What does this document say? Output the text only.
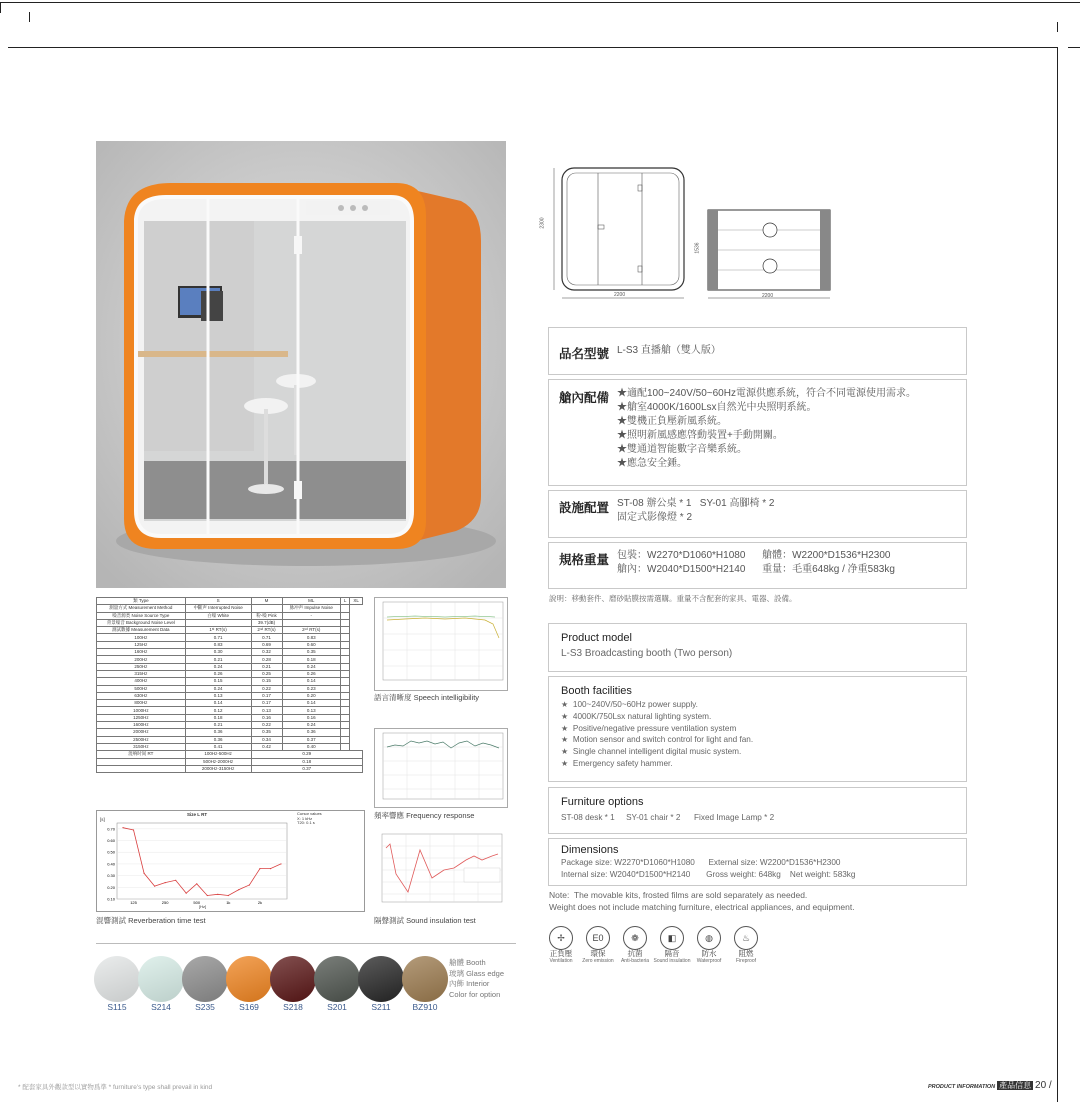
2300
2200
1536
2200
品名型號 L-S3 直播艙（雙人版）
艙內配備 ★適配100~240V/50~60Hz電源供應系統，符合不同電源使用需求。
★艙室4000K/1600Lsx自然光中央照明系統。
★雙機正負壓新風系統。
★照明新風感應啓動裝置+手動開關。
★雙通道智能數字音樂系統。
★應急安全錘。
設施配置 ST-08 辦公桌 * 1   SY-01 高腳椅 * 2
固定式影像燈 * 2
規格重量 包裝：W2270*D1060*H1080      艙體：W2200*D1536*H2300
艙內：W2040*D1500*H2140      重量：毛重648kg / 净重583kg
說明：移動套件、磨砂貼膜按需選購。重量不含配套的家具、電器、設備。
Product model
L-S3 Broadcasting booth (Two person)
Booth facilities
★  100~240V/50~60Hz power supply.
★  4000K/750Lsx natural lighting system.
★  Positive/negative pressure ventilation system
★  Motion sensor and switch control for light and fan.
★  Single channel intelligent digital music system.
★  Emergency safety hammer.
Furniture options
ST-08 desk * 1     SY-01 chair * 2      Fixed Image Lamp * 2
Dimensions
Package size: W2270*D1060*H1080      External size: W2200*D1536*H2300
Internal size: W2040*D1500*H2140       Gross weight: 648kg    Net weight: 583kg
Note:  The movable kits, frosted films are sold separately as needed.
Weight does not include matching furniture, electrical appliances, and equipment.
類 Type	S	M	ML	L	XL
測量方式 Measurement Method	中斷声 Interrupted Noise		脉冲声 Impulse Noise		
噪音源类 Noise Source Type	白噪 White	粉-噪 Pink	-		
背景噪音 Background Noise Level		39.7(dB)			
測試數據 Measurement Data	1ˢᵗ RT(s)	2ⁿᵈ RT(s)	2ⁿᵈ RT(s)		
100Hz	0.71	0.71	0.83		
125Hz	0.83	0.69	0.60		
160Hz	0.30	0.32	0.35		
200Hz	0.21	0.28	0.18		
250Hz	0.24	0.21	0.24		
315Hz	0.26	0.25	0.26		
400Hz	0.15	0.15	0.14		
500Hz	0.24	0.22	0.23		
630Hz	0.13	0.17	0.20		
800Hz	0.14	0.17	0.14		
1000Hz	0.12	0.13	0.13		
1250Hz	0.18	0.16	0.16		
1600Hz	0.21	0.22	0.24		
2000Hz	0.36	0.35	0.36		
2500Hz	0.36	0.34	0.37		
3150Hz	0.41	0.42	0.40		
混响时间 RT	100Hz-500Hz	0.29			
	500Hz-2000Hz	0.18			
	2000Hz-3150Hz	0.37			
語言清晰度 Speech intelligibility
頻率響應 Frequency response
Size L RT	Cursor values
X: 1 kHz
T20: 0.1 s
[s]
[Hz]
0.70
0.60
0.50
0.40
0.30
0.20
0.10
125	250	500	1k	2k
混響測試 Reverberation time test	隔聲測試 Sound insulation test
S115	S214	S235	S169	S218	S201	S211	BZ910
艙體 Booth
玻璃 Glass edge
內飾 Interior
Color for option
✢
正負壓
Ventilation
E0
環保
Zero emission
❁
抗菌
Anti-bacteria
◧
隔音
Sound insulation
◍
防水
Waterproof
♨
阻燃
Fireproof
* 配套家具外觀款型以實物爲準 * furniture's type shall prevail in kind	PRODUCT INFORMATION 產品信息 20 /
